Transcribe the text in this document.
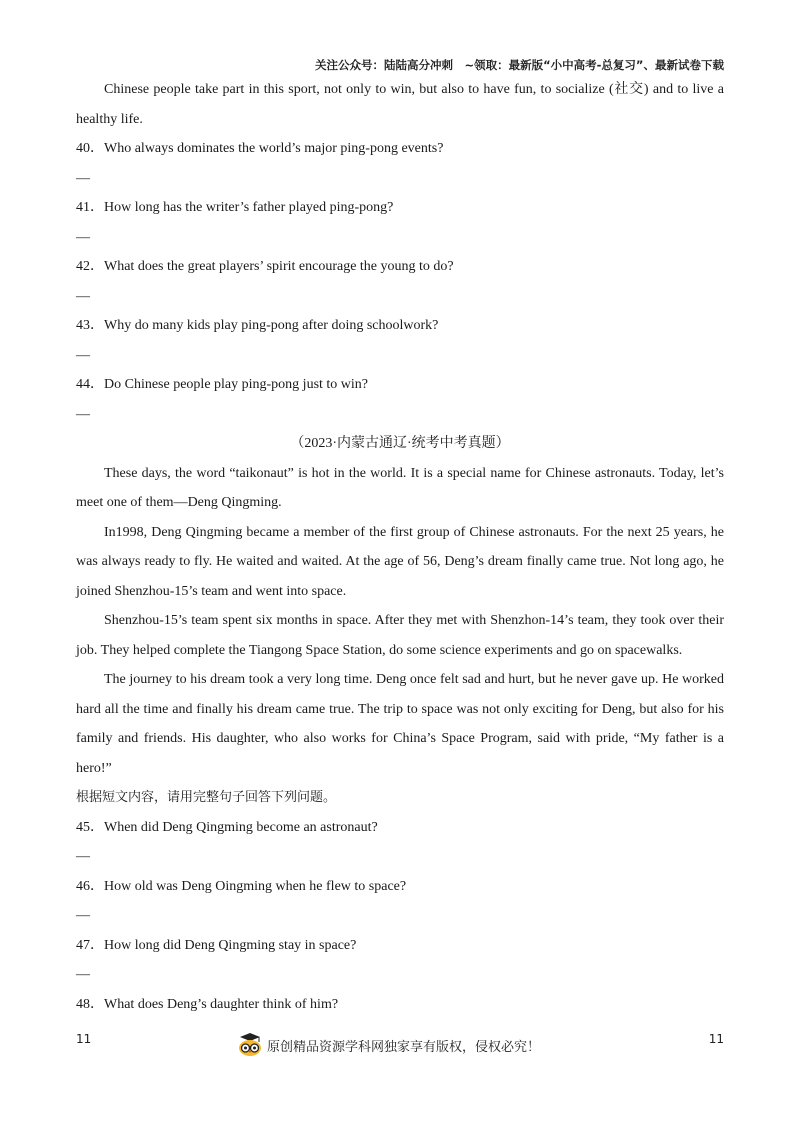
关注公众号：陆陆高分冲刺　~领取：最新版“小中高考-总复习”、最新试卷下载

Chinese people take part in this sport, not only to win, but also to have fun, to socialize (社交) and to live a healthy life.

40．Who always dominates the world’s major ping-pong events?
—
41．How long has the writer’s father played ping-pong?
—
42．What does the great players’ spirit encourage the young to do?
—
43．Why do many kids play ping-pong after doing schoolwork?
—
44．Do Chinese people play ping-pong just to win?
—
（2023·内蒙古通辽·统考中考真题）

These days, the word “taikonaut” is hot in the world. It is a special name for Chinese astronauts. Today, let’s meet one of them—Deng Qingming.

In1998, Deng Qingming became a member of the first group of Chinese astronauts. For the next 25 years, he was always ready to fly. He waited and waited. At the age of 56, Deng’s dream finally came true. Not long ago, he joined Shenzhou-15’s team and went into space.

Shenzhou-15’s team spent six months in space. After they met with Shenzhon-14’s team, they took over their job. They helped complete the Tiangong Space Station, do some science experiments and go on spacewalks.

The journey to his dream took a very long time. Deng once felt sad and hurt, but he never gave up. He worked hard all the time and finally his dream came true. The trip to space was not only exciting for Deng, but also for his family and friends. His daughter, who also works for China’s Space Program, said with pride, “My father is a hero!”

根据短文内容，请用完整句子回答下列问题。
45．When did Deng Qingming become an astronaut?
—
46．How old was Deng Oingming when he flew to space?
—
47．How long did Deng Qingming stay in space?
—
48．What does Deng’s daughter think of him?
11
原创精品资源学科网独家享有版权，侵权必究！
11
